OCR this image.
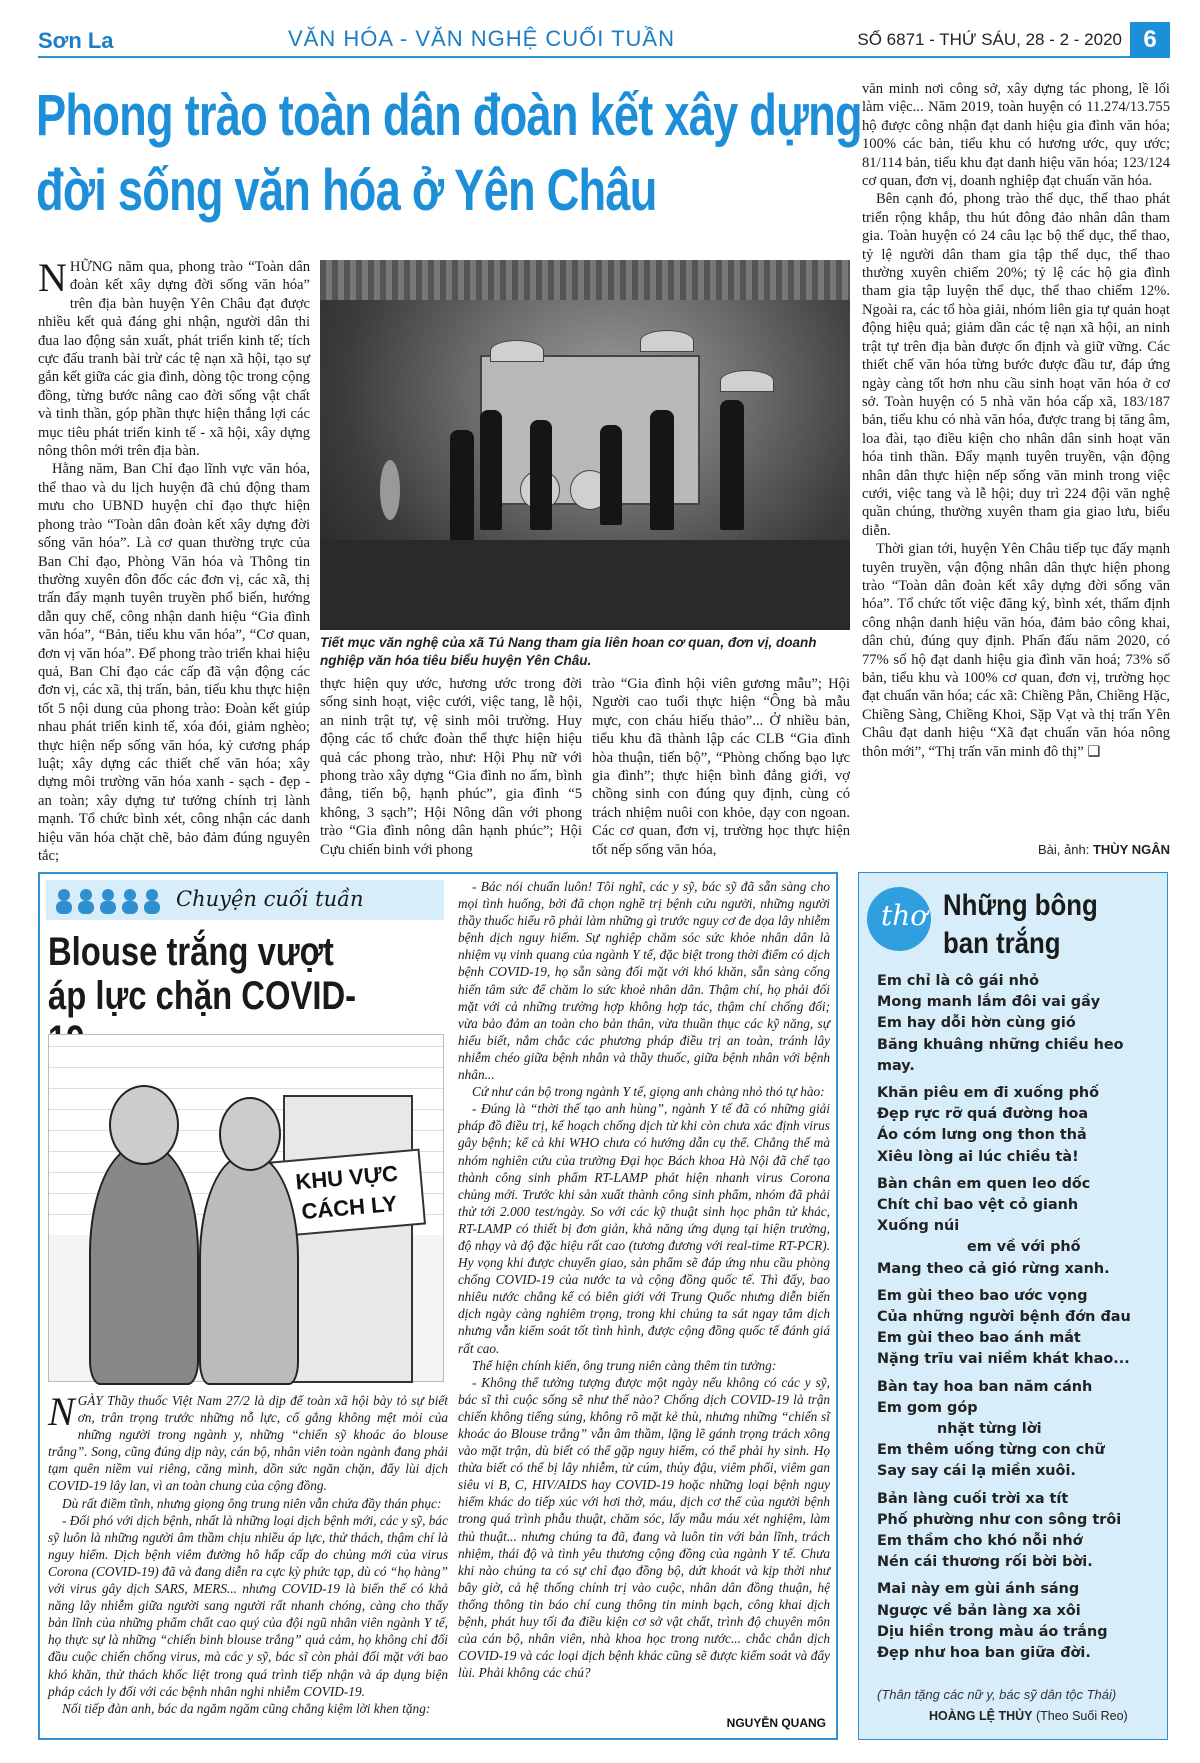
Sơn La	VĂN HÓA - VĂN NGHỆ CUỐI TUẦN	SỐ 6871 - THỨ SÁU, 28 - 2 - 2020 6
Phong trào toàn dân đoàn kết xây dựng
đời sống văn hóa ở Yên Châu

NHỮNG năm qua, phong trào “Toàn dân đoàn kết xây dựng đời sống văn hóa” trên địa bàn huyện Yên Châu đạt được nhiều kết quả đáng ghi nhận, người dân thi đua lao động sản xuất, phát triển kinh tế; tích cực đấu tranh bài trừ các tệ nạn xã hội, tạo sự gắn kết giữa các gia đình, dòng tộc trong cộng đồng, từng bước nâng cao đời sống vật chất và tinh thần, góp phần thực hiện thắng lợi các mục tiêu phát triển kinh tế - xã hội, xây dựng nông thôn mới trên địa bàn.

Hằng năm, Ban Chỉ đạo lĩnh vực văn hóa, thể thao và du lịch huyện đã chủ động tham mưu cho UBND huyện chỉ đạo thực hiện phong trào “Toàn dân đoàn kết xây dựng đời sống văn hóa”. Là cơ quan thường trực của Ban Chỉ đạo, Phòng Văn hóa và Thông tin thường xuyên đôn đốc các đơn vị, các xã, thị trấn đẩy mạnh tuyên truyền phổ biến, hướng dẫn quy chế, công nhận danh hiệu “Gia đình văn hóa”, “Bản, tiểu khu văn hóa”, “Cơ quan, đơn vị văn hóa”. Để phong trào triển khai hiệu quả, Ban Chỉ đạo các cấp đã vận động các đơn vị, các xã, thị trấn, bản, tiểu khu thực hiện tốt 5 nội dung của phong trào: Đoàn kết giúp nhau phát triển kinh tế, xóa đói, giảm nghèo; thực hiện nếp sống văn hóa, kỷ cương pháp luật; xây dựng các thiết chế văn hóa; xây dựng môi trường văn hóa xanh - sạch - đẹp - an toàn; xây dựng tư tưởng chính trị lành mạnh. Tổ chức bình xét, công nhận các danh hiệu văn hóa chặt chẽ, bảo đảm đúng nguyên tắc;

Tiết mục văn nghệ của xã Tú Nang tham gia liên hoan cơ quan, đơn vị, doanh nghiệp văn hóa tiêu biểu huyện Yên Châu.

thực hiện quy ước, hương ước trong đời sống sinh hoạt, việc cưới, việc tang, lễ hội, an ninh trật tự, vệ sinh môi trường. Huy động các tổ chức đoàn thể thực hiện hiệu quả các phong trào, như: Hội Phụ nữ với phong trào xây dựng “Gia đình no ấm, bình đẳng, tiến bộ, hạnh phúc”, gia đình “5 không, 3 sạch”; Hội Nông dân với phong trào “Gia đình nông dân hạnh phúc”; Hội Cựu chiến binh với phong

trào “Gia đình hội viên gương mẫu”; Hội Người cao tuổi thực hiện “Ông bà mẫu mực, con cháu hiếu thảo”... Ở nhiều bản, tiểu khu đã thành lập các CLB “Gia đình hòa thuận, tiến bộ”, “Phòng chống bạo lực gia đình”; thực hiện bình đẳng giới, vợ chồng sinh con đúng quy định, cùng có trách nhiệm nuôi con khỏe, dạy con ngoan. Các cơ quan, đơn vị, trường học thực hiện tốt nếp sống văn hóa,

văn minh nơi công sở, xây dựng tác phong, lề lối làm việc... Năm 2019, toàn huyện có 11.274/13.755 hộ được công nhận đạt danh hiệu gia đình văn hóa; 100% các bản, tiểu khu có hương ước, quy ước; 81/114 bản, tiểu khu đạt danh hiệu văn hóa; 123/124 cơ quan, đơn vị, doanh nghiệp đạt chuẩn văn hóa.

Bên cạnh đó, phong trào thể dục, thể thao phát triển rộng khắp, thu hút đông đảo nhân dân tham gia. Toàn huyện có 24 câu lạc bộ thể dục, thể thao, tỷ lệ người dân tham gia tập thể dục, thể thao thường xuyên chiếm 20%; tỷ lệ các hộ gia đình tham gia tập luyện thể dục, thể thao chiếm 12%. Ngoài ra, các tổ hòa giải, nhóm liên gia tự quản hoạt động hiệu quả; giảm dần các tệ nạn xã hội, an ninh trật tự trên địa bàn được ổn định và giữ vững. Các thiết chế văn hóa từng bước được đầu tư, đáp ứng ngày càng tốt hơn nhu cầu sinh hoạt văn hóa ở cơ sở. Toàn huyện có 5 nhà văn hóa cấp xã, 183/187 bản, tiểu khu có nhà văn hóa, được trang bị tăng âm, loa đài, tạo điều kiện cho nhân dân sinh hoạt văn hóa tinh thần. Đẩy mạnh tuyên truyền, vận động nhân dân thực hiện nếp sống văn minh trong việc cưới, việc tang và lễ hội; duy trì 224 đội văn nghệ quần chúng, thường xuyên tham gia giao lưu, biểu diễn.

Thời gian tới, huyện Yên Châu tiếp tục đẩy mạnh tuyên truyền, vận động nhân dân thực hiện phong trào “Toàn dân đoàn kết xây dựng đời sống văn hóa”. Tổ chức tốt việc đăng ký, bình xét, thẩm định công nhận danh hiệu văn hóa, đảm bảo công khai, dân chủ, đúng quy định. Phấn đấu năm 2020, có 77% số hộ đạt danh hiệu gia đình văn hoá; 73% số bản, tiểu khu và 100% cơ quan, đơn vị, trường học đạt chuẩn văn hóa; các xã: Chiềng Pằn, Chiềng Hặc, Chiềng Sàng, Chiềng Khoi, Sặp Vạt và thị trấn Yên Châu đạt danh hiệu “Xã đạt chuẩn văn hóa nông thôn mới”, “Thị trấn văn minh đô thị” ❑

Bài, ảnh: THÙY NGÂN
Chuyện cuối tuần
Blouse trắng vượt áp lực chặn COVID-
KHU VỰC
CÁCH LY

NGÀY Thầy thuốc Việt Nam 27/2 là dịp để toàn xã hội bày tỏ sự biết ơn, trân trọng trước những nỗ lực, cố gắng không mệt mỏi của những người trong ngành y, những “chiến sỹ khoác áo blouse trắng”. Song, cũng đúng dịp này, cán bộ, nhân viên toàn ngành đang phải tạm quên niềm vui riêng, căng mình, dồn sức ngăn chặn, đẩy lùi dịch COVID-19 lây lan, vì an toàn chung của cộng đồng.

Dù rất điềm tĩnh, nhưng giọng ông trung niên vẫn chứa đầy thán phục:

- Đối phó với dịch bệnh, nhất là những loại dịch bệnh mới, các y sỹ, bác sỹ luôn là những người âm thầm chịu nhiều áp lực, thử thách, thậm chí là nguy hiểm. Dịch bệnh viêm đường hô hấp cấp do chủng mới của virus Corona (COVID-19) đã và đang diễn ra cực kỳ phức tạp, dù có “họ hàng” với virus gây dịch SARS, MERS... nhưng COVID-19 là biến thể có khả năng lây nhiễm giữa người sang người rất nhanh chóng, càng cho thấy bản lĩnh của những phẩm chất cao quý của đội ngũ nhân viên ngành Y tế, họ thực sự là những “chiến binh blouse trắng” quả cảm, họ không chỉ đối đầu cuộc chiến chống virus, mà các y sỹ, bác sĩ còn phải đối mặt với bao khó khăn, thử thách khốc liệt trong quá trình tiếp nhận và áp dụng biện pháp cách ly đối với các bệnh nhân nghi nhiễm COVID-19.

Nối tiếp đàn anh, bác da ngăm ngăm cũng chẳng kiệm lời khen tặng:

- Bác nói chuẩn luôn! Tôi nghĩ, các y sỹ, bác sỹ đã sẵn sàng cho mọi tình huống, bởi đã chọn nghề trị bệnh cứu người, những người thầy thuốc hiểu rõ phải làm những gì trước nguy cơ đe dọa lây nhiễm bệnh dịch nguy hiểm. Sự nghiệp chăm sóc sức khỏe nhân dân là nhiệm vụ vinh quang của ngành Y tế, đặc biệt trong thời điểm có dịch bệnh COVID-19, họ sẵn sàng đối mặt với khó khăn, sẵn sàng cống hiến tâm sức để chăm lo sức khoẻ nhân dân. Thậm chí, họ phải đối mặt với cả những trường hợp không hợp tác, thậm chí chống đối; vừa bảo đảm an toàn cho bản thân, vừa thuần thục các kỹ năng, sự hiểu biết, nắm chắc các phương pháp điều trị an toàn, tránh lây nhiễm chéo giữa bệnh nhân và thầy thuốc, giữa bệnh nhân với bệnh nhân...

Cứ như cán bộ trong ngành Y tế, giọng anh chàng nhỏ thó tự hào:

- Đúng là “thời thế tạo anh hùng”, ngành Y tế đã có những giải pháp đồ điều trị, kế hoạch chống dịch từ khi còn chưa xác định virus gây bệnh; kể cả khi WHO chưa có hướng dẫn cụ thể. Chẳng thế mà nhóm nghiên cứu của trường Đại học Bách khoa Hà Nội đã chế tạo thành công sinh phẩm RT-LAMP phát hiện nhanh virus Corona chủng mới. Trước khi sản xuất thành công sinh phẩm, nhóm đã phải thử tới 2.000 test/ngày. So với các kỹ thuật sinh học phân tử khác, RT-LAMP có thiết bị đơn giản, khả năng ứng dụng tại hiện trường, độ nhạy và độ đặc hiệu rất cao (tương đương với real-time RT-PCR). Hy vọng khi được chuyển giao, sản phẩm sẽ đáp ứng nhu cầu phòng chống COVID-19 của nước ta và cộng đồng quốc tế. Thì đấy, bao nhiêu nước chẳng kể có biên giới với Trung Quốc nhưng diễn biến dịch ngày càng nghiêm trọng, trong khi chúng ta sát ngay tâm dịch nhưng vẫn kiểm soát tốt tình hình, được cộng đồng quốc tế đánh giá rất cao.

Thể hiện chính kiến, ông trung niên càng thêm tin tưởng:

- Không thể tưởng tượng được một ngày nếu không có các y sỹ, bác sĩ thì cuộc sống sẽ như thế nào? Chống dịch COVID-19 là trận chiến không tiếng súng, không rõ mặt kẻ thù, nhưng những “chiến sĩ khoác áo Blouse trắng” vẫn âm thầm, lặng lẽ gánh trọng trách xông vào mặt trận, dù biết có thể gặp nguy hiểm, có thể phải hy sinh. Họ thừa biết có thể bị lây nhiễm, từ cúm, thủy đậu, viêm phổi, viêm gan siêu vi B, C, HIV/AIDS hay COVID-19 hoặc những loại bệnh nguy hiểm khác do tiếp xúc với hơi thở, máu, dịch cơ thể của người bệnh trong quá trình phẫu thuật, chăm sóc, lấy mẫu máu xét nghiệm, làm thủ thuật... nhưng chúng ta đã, đang và luôn tin với bản lĩnh, trách nhiệm, thái độ và tình yêu thương cộng đồng của ngành Y tế. Chưa khi nào chúng ta có sự chỉ đạo đồng bộ, dứt khoát và kịp thời như bây giờ, cả hệ thống chính trị vào cuộc, nhân dân đồng thuận, hệ thống thông tin báo chí cung thông tin minh bạch, công khai dịch bệnh, phát huy tối đa điều kiện cơ sở vật chất, trình độ chuyên môn của cán bộ, nhân viên, nhà khoa học trong nước... chắc chắn dịch COVID-19 và các loại dịch bệnh khác cũng sẽ được kiểm soát và đẩy lùi. Phải không các chú?

NGUYỄN QUANG
thơ Những bông ban trắng
Em chỉ là cô gái nhỏ
Mong manh lắm đôi vai gầy
Em hay dỗi hờn cùng gió
Băng khuâng những chiều heo may.
Khăn piêu em đi xuống phố
Đẹp rực rỡ quá đường hoa
Áo cóm lưng ong thon thả
Xiêu lòng ai lúc chiều tà!
Bàn chân em quen leo dốc
Chít chỉ bao vệt cỏ gianh
Xuống núi
em về với phố
Mang theo cả gió rừng xanh.
Em gùi theo bao ước vọng
Của những người bệnh đớn đau
Em gùi theo bao ánh mắt
Nặng trĩu vai niềm khát khao...
Bàn tay hoa ban năm cánh
Em gom góp
nhặt từng lời
Em thêm uống từng con chữ
Say say cái lạ miền xuôi.
Bản làng cuối trời xa tít
Phố phường như con sông trôi
Em thầm cho khó nỗi nhớ
Nén cái thương rối bời bời.
Mai này em gùi ánh sáng
Ngược về bản làng xa xôi
Dịu hiền trong màu áo trắng
Đẹp như hoa ban giữa đời.
(Thân tặng các nữ y, bác sỹ dân tộc Thái)
HOÀNG LỆ THỦY (Theo Suối Reo)
